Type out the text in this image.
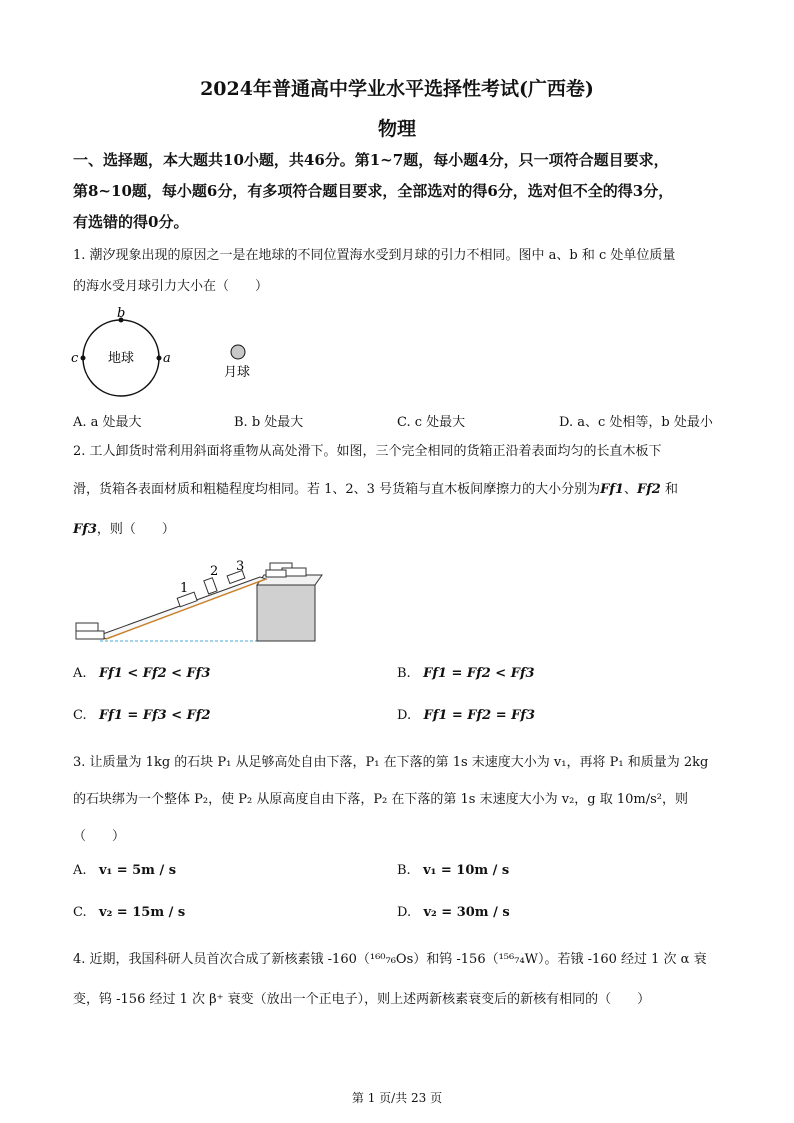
2024年普通高中学业水平选择性考试(广西卷)
物理
一、选择题，本大题共10小题，共46分。第1~7题，每小题4分，只一项符合题目要求，
第8~10题，每小题6分，有多项符合题目要求，全部选对的得6分，选对但不全的得3分，
有选错的得0分。
1. 潮汐现象出现的原因之一是在地球的不同位置海水受到月球的引力不相同。图中 a、b 和 c 处单位质量
的海水受月球引力大小在（　　）
b
c	a
地球
月球
A. a 处最大	B. b 处最大	C. c 处最大	D. a、c 处相等，b 处最小
2. 工人卸货时常利用斜面将重物从高处滑下。如图，三个完全相同的货箱正沿着表面均匀的长直木板下
滑，货箱各表面材质和粗糙程度均相同。若 1、2、3 号货箱与直木板间摩擦力的大小分别为Ff1、Ff2 和
Ff3，则（　　）
1
2 3
A. Ff1 < Ff2 < Ff3	B. Ff1 = Ff2 < Ff3
C. Ff1 = Ff3 < Ff2	D. Ff1 = Ff2 = Ff3
3. 让质量为 1kg 的石块 P₁ 从足够高处自由下落，P₁ 在下落的第 1s 末速度大小为 v₁，再将 P₁ 和质量为 2kg
的石块绑为一个整体 P₂，使 P₂ 从原高度自由下落，P₂ 在下落的第 1s 末速度大小为 v₂，g 取 10m/s²，则
（　　）
A. v₁ = 5m / s	B. v₁ = 10m / s
C. v₂ = 15m / s	D. v₂ = 30m / s
4. 近期，我国科研人员首次合成了新核素锇 -160（¹⁶⁰₇₆Os）和钨 -156（¹⁵⁶₇₄W）。若锇 -160 经过 1 次 α 衰
变，钨 -156 经过 1 次 β⁺ 衰变（放出一个正电子），则上述两新核素衰变后的新核有相同的（　　）
第 1 页/共 23 页
